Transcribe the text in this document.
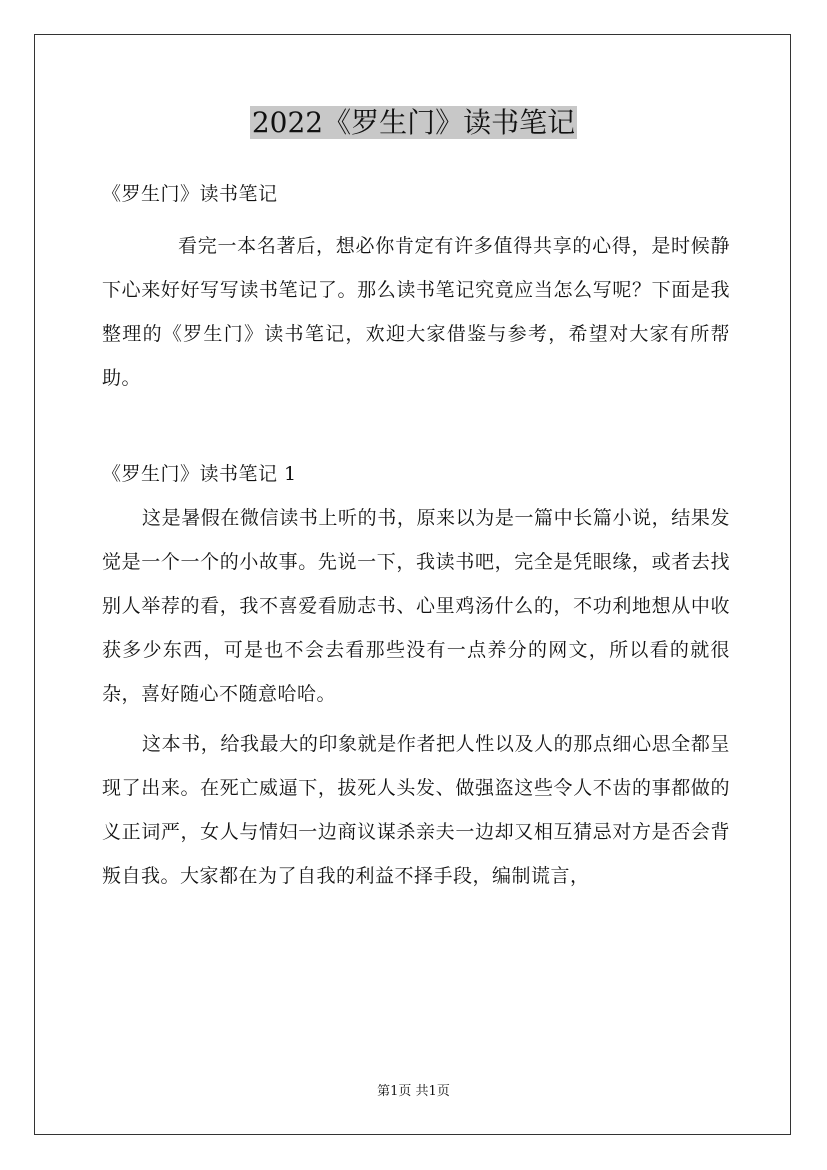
2022《罗生门》读书笔记

《罗生门》读书笔记

看完一本名著后，想必你肯定有许多值得共享的心得，是时候静下心来好好写写读书笔记了。那么读书笔记究竟应当怎么写呢？下面是我整理的《罗生门》读书笔记，欢迎大家借鉴与参考，希望对大家有所帮助。

《罗生门》读书笔记 1

这是暑假在微信读书上听的书，原来以为是一篇中长篇小说，结果发觉是一个一个的小故事。先说一下，我读书吧，完全是凭眼缘，或者去找别人举荐的看，我不喜爱看励志书、心里鸡汤什么的，不功利地想从中收获多少东西，可是也不会去看那些没有一点养分的网文，所以看的就很杂，喜好随心不随意哈哈。

这本书，给我最大的印象就是作者把人性以及人的那点细心思全都呈现了出来。在死亡威逼下，拔死人头发、做强盗这些令人不齿的事都做的义正词严，女人与情妇一边商议谋杀亲夫一边却又相互猜忌对方是否会背叛自我。大家都在为了自我的利益不择手段，编制谎言，

第1页 共1页
